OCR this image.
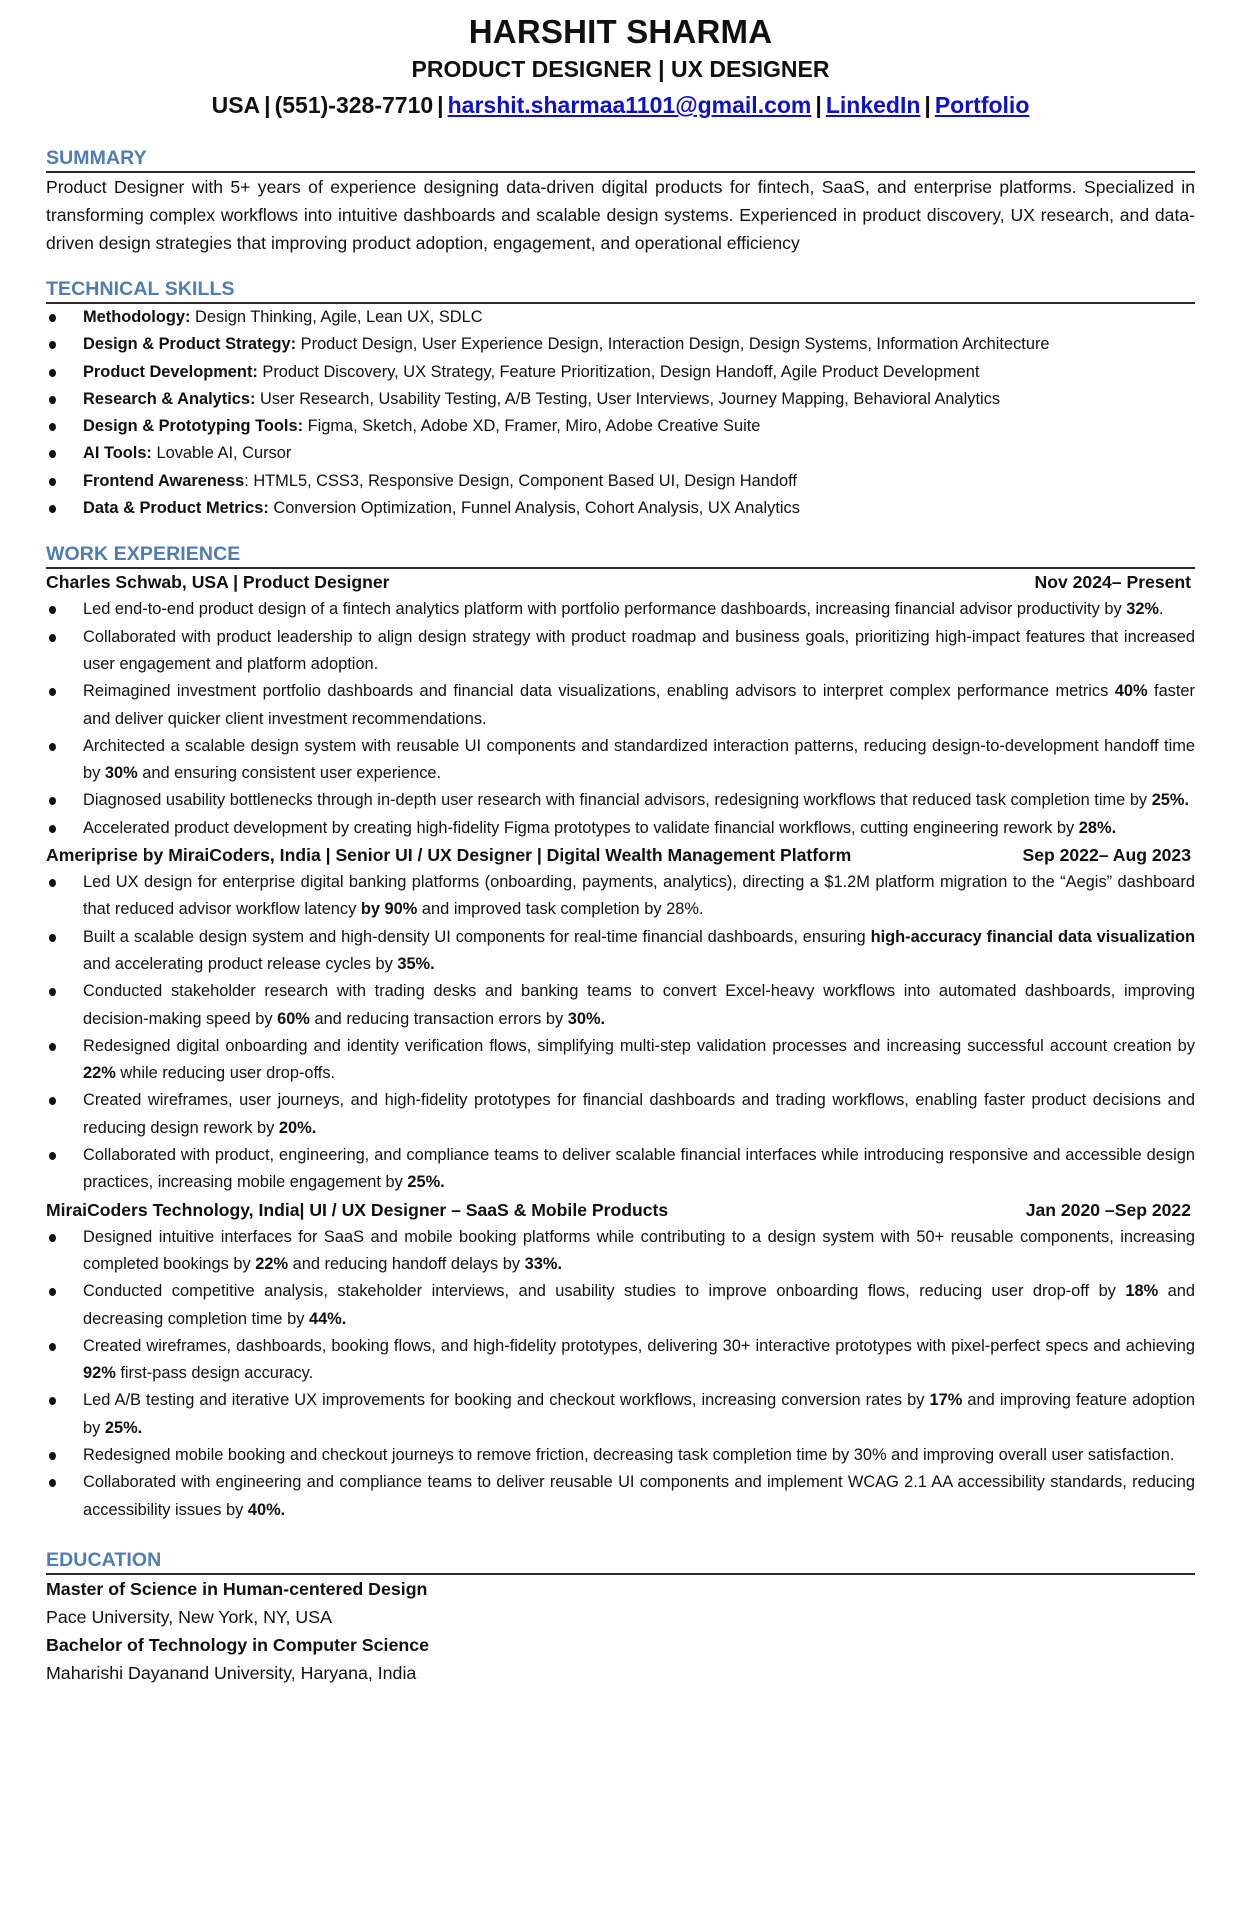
HARSHIT SHARMA

PRODUCT DESIGNER | UX DESIGNER

USA | (551)-328-7710 | harshit.sharmaa1101@gmail.com | LinkedIn | Portfolio

SUMMARY

Product Designer with 5+ years of experience designing data-driven digital products for fintech, SaaS, and enterprise platforms. Specialized in transforming complex workflows into intuitive dashboards and scalable design systems. Experienced in product discovery, UX research, and data-driven design strategies that improving product adoption, engagement, and operational efficiency

TECHNICAL SKILLS
Methodology: Design Thinking, Agile, Lean UX, SDLC
Design & Product Strategy: Product Design, User Experience Design, Interaction Design, Design Systems, Information Architecture
Product Development: Product Discovery, UX Strategy, Feature Prioritization, Design Handoff, Agile Product Development
Research & Analytics: User Research, Usability Testing, A/B Testing, User Interviews, Journey Mapping, Behavioral Analytics
Design & Prototyping Tools: Figma, Sketch, Adobe XD, Framer, Miro, Adobe Creative Suite
AI Tools: Lovable AI, Cursor
Frontend Awareness: HTML5, CSS3, Responsive Design, Component Based UI, Design Handoff
Data & Product Metrics: Conversion Optimization, Funnel Analysis, Cohort Analysis, UX Analytics
WORK EXPERIENCE
Charles Schwab, USA | Product Designer	Nov 2024– Present
Led end-to-end product design of a fintech analytics platform with portfolio performance dashboards, increasing financial advisor productivity by 32%.
Collaborated with product leadership to align design strategy with product roadmap and business goals, prioritizing high-impact features that increased user engagement and platform adoption.
Reimagined investment portfolio dashboards and financial data visualizations, enabling advisors to interpret complex performance metrics 40% faster and deliver quicker client investment recommendations.
Architected a scalable design system with reusable UI components and standardized interaction patterns, reducing design-to-development handoff time by 30% and ensuring consistent user experience.
Diagnosed usability bottlenecks through in-depth user research with financial advisors, redesigning workflows that reduced task completion time by 25%.
Accelerated product development by creating high-fidelity Figma prototypes to validate financial workflows, cutting engineering rework by 28%.
Ameriprise by MiraiCoders, India | Senior UI / UX Designer | Digital Wealth Management Platform	Sep 2022– Aug 2023
Led UX design for enterprise digital banking platforms (onboarding, payments, analytics), directing a $1.2M platform migration to the “Aegis” dashboard that reduced advisor workflow latency by 90% and improved task completion by 28%.
Built a scalable design system and high-density UI components for real-time financial dashboards, ensuring high-accuracy financial data visualization and accelerating product release cycles by 35%.
Conducted stakeholder research with trading desks and banking teams to convert Excel-heavy workflows into automated dashboards, improving decision-making speed by 60% and reducing transaction errors by 30%.
Redesigned digital onboarding and identity verification flows, simplifying multi-step validation processes and increasing successful account creation by 22% while reducing user drop-offs.
Created wireframes, user journeys, and high-fidelity prototypes for financial dashboards and trading workflows, enabling faster product decisions and reducing design rework by 20%.
Collaborated with product, engineering, and compliance teams to deliver scalable financial interfaces while introducing responsive and accessible design practices, increasing mobile engagement by 25%.
MiraiCoders Technology, India| UI / UX Designer – SaaS & Mobile Products	Jan 2020 –Sep 2022
Designed intuitive interfaces for SaaS and mobile booking platforms while contributing to a design system with 50+ reusable components, increasing completed bookings by 22% and reducing handoff delays by 33%.
Conducted competitive analysis, stakeholder interviews, and usability studies to improve onboarding flows, reducing user drop-off by 18% and decreasing completion time by 44%.
Created wireframes, dashboards, booking flows, and high-fidelity prototypes, delivering 30+ interactive prototypes with pixel-perfect specs and achieving 92% first-pass design accuracy.
Led A/B testing and iterative UX improvements for booking and checkout workflows, increasing conversion rates by 17% and improving feature adoption by 25%.
Redesigned mobile booking and checkout journeys to remove friction, decreasing task completion time by 30% and improving overall user satisfaction.
Collaborated with engineering and compliance teams to deliver reusable UI components and implement WCAG 2.1 AA accessibility standards, reducing accessibility issues by 40%.
EDUCATION

Master of Science in Human-centered Design

Pace University, New York, NY, USA

Bachelor of Technology in Computer Science

Maharishi Dayanand University, Haryana, India
